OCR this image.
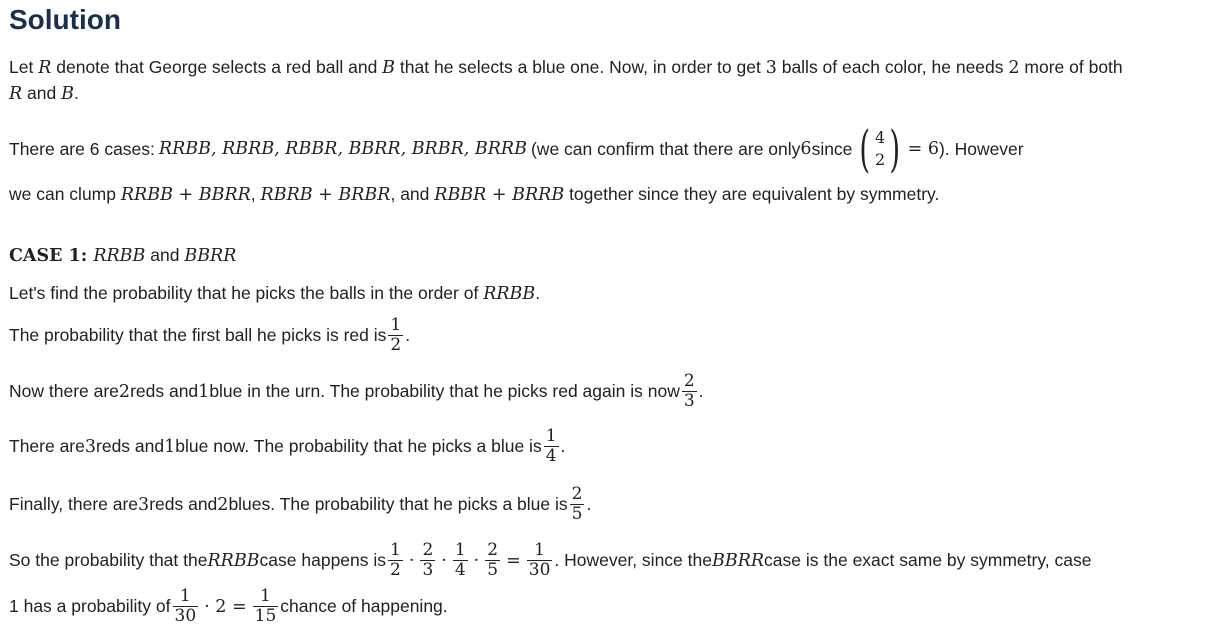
Solution
Let R denote that George selects a red ball and B that he selects a blue one. Now, in order to get 3 balls of each color, he needs 2 more of both
R and B.
There are 6 cases: RRBB, RBRB, RBBR, BBRR, BRBR, BRRB (we can confirm that there are only 6 since ( 4
2 ) = 6 ). However
we can clump RRBB + BBRR, RBRB + BRBR, and RBBR + BRRB together since they are equivalent by symmetry.
CASE 1: RRBB and BBRR
Let's find the probability that he picks the balls in the order of RRBB.
The probability that the first ball he picks is red is $\frac{1}{2}$ .
Now there are 2 reds and 1 blue in the urn. The probability that he picks red again is now $\frac{2}{3}$ .
There are 3 reds and 1 blue now. The probability that he picks a blue is $\frac{1}{4}$ .
Finally, there are 3 reds and 2 blues. The probability that he picks a blue is $\frac{2}{5}$ .
So the probability that the RRBB case happens is $\frac{1}{2} \cdot \frac{2}{3} \cdot \frac{1}{4} \cdot \frac{2}{5} = \frac{1}{30}$ . However, since the BBRR case is the exact same by symmetry, case
1 has a probability of $\frac{1}{30} \cdot 2 = \frac{1}{15}$ chance of happening.
